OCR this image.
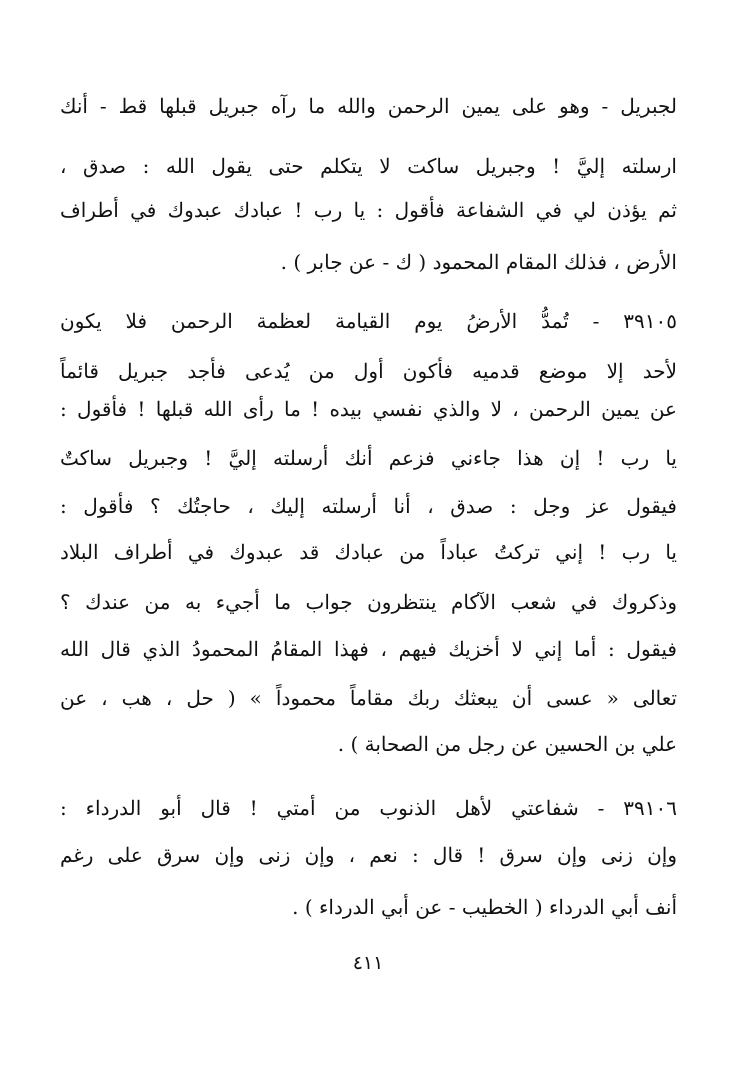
لجبريل - وهو على يمين الرحمن والله ما رآه جبريل قبلها قط - أنك
ارسلته إليَّ ! وجبريل ساكت لا يتكلم حتى يقول الله : صدق ،
ثم يؤذن لي في الشفاعة فأقول : يا رب ! عبادك عبدوك في أطراف
الأرض ، فذلك المقام المحمود ( ك - عن جابر ) .
٣٩١٠٥ - تُمدُّ الأرضُ يوم القيامة لعظمة الرحمن فلا يكون
لأحد إلا موضع قدميه فأكون أول من يُدعى فأجد جبريل قائماً
عن يمين الرحمن ، لا والذي نفسي بيده ! ما رأى الله قبلها ! فأقول :
يا رب ! إن هذا جاءني فزعم أنك أرسلته إليَّ ! وجبريل ساكتٌ
فيقول عز وجل : صدق ، أنا أرسلته إليك ، حاجتُك ؟ فأقول :
يا رب ! إني تركتُ عباداً من عبادك قد عبدوك في أطراف البلاد
وذكروك في شعب الآكام ينتظرون جواب ما أجيء به من عندك ؟
فيقول : أما إني لا أخزيك فيهم ، فهذا المقامُ المحمودُ الذي قال الله
تعالى « عسى أن يبعثك ربك مقاماً محموداً » ( حل ، هب ، عن
علي بن الحسين عن رجل من الصحابة ) .
٣٩١٠٦ - شفاعتي لأهل الذنوب من أمتي ! قال أبو الدرداء :
وإن زنى وإن سرق ! قال : نعم ، وإن زنى وإن سرق على رغم
أنف أبي الدرداء ( الخطيب - عن أبي الدرداء ) .
٤١١
